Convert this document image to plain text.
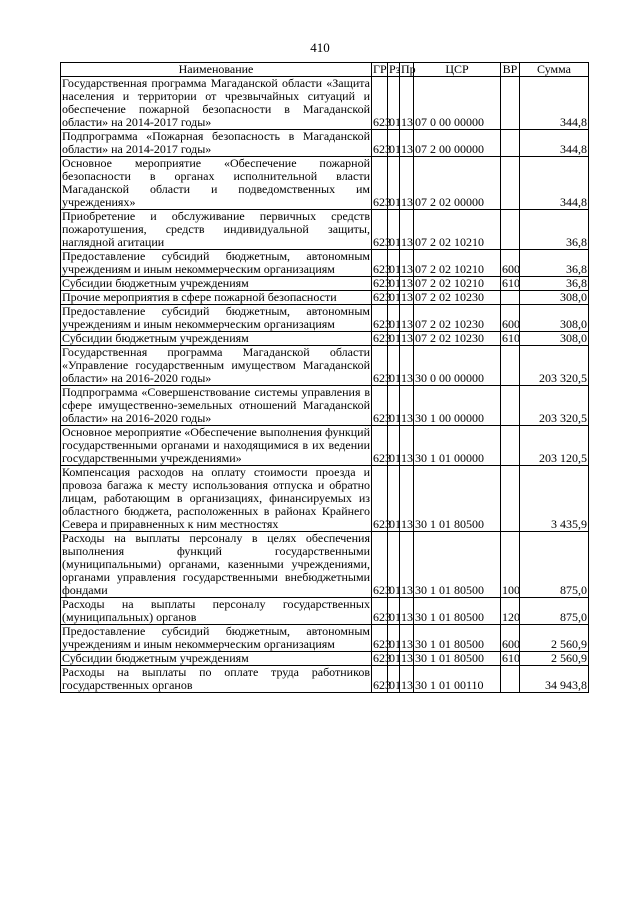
410
Наименование	ГР	Рз	Пр	ЦСР	ВР	Сумма
Государственная программа Магаданской области «Защита населения и территории от чрезвычайных ситуаций и обеспечение пожарной безопасности в Магаданской области» на 2014-2017 годы»	623	01	13	07 0 00 00000		344,8
Подпрограмма «Пожарная безопасность в Магаданской области» на 2014-2017 годы»	623	01	13	07 2 00 00000		344,8
Основное мероприятие «Обеспечение пожарной безопасности в органах исполнительной власти Магаданской области и подведомственных им учреждениях»	623	01	13	07 2 02 00000		344,8
Приобретение и обслуживание первичных средств пожаротушения, средств индивидуальной защиты, наглядной агитации	623	01	13	07 2 02 10210		36,8
Предоставление субсидий бюджетным, автономным учреждениям и иным некоммерческим организациям	623	01	13	07 2 02 10210	600	36,8
Субсидии бюджетным учреждениям	623	01	13	07 2 02 10210	610	36,8
Прочие мероприятия в сфере пожарной безопасности	623	01	13	07 2 02 10230		308,0
Предоставление субсидий бюджетным, автономным учреждениям и иным некоммерческим организациям	623	01	13	07 2 02 10230	600	308,0
Субсидии бюджетным учреждениям	623	01	13	07 2 02 10230	610	308,0
Государственная программа Магаданской области «Управление государственным имуществом Магаданской области» на 2016-2020 годы»	623	01	13	30 0 00 00000		203 320,5
Подпрограмма «Совершенствование системы управления в сфере имущественно-земельных отношений Магаданской области» на 2016-2020 годы»	623	01	13	30 1 00 00000		203 320,5
Основное мероприятие «Обеспечение выполнения функций государственными органами и находящимися в их ведении государственными учреждениями»	623	01	13	30 1 01 00000		203 120,5
Компенсация расходов на оплату стоимости проезда и провоза багажа к месту использования отпуска и обратно лицам, работающим в организациях, финансируемых из областного бюджета, расположенных в районах Крайнего Севера и приравненных к ним местностях	623	01	13	30 1 01 80500		3 435,9
Расходы на выплаты персоналу в целях обеспечения выполнения функций государственными (муниципальными) органами, казенными учреждениями, органами управления государственными внебюджетными фондами	623	01	13	30 1 01 80500	100	875,0
Расходы на выплаты персоналу государственных (муниципальных) органов	623	01	13	30 1 01 80500	120	875,0
Предоставление субсидий бюджетным, автономным учреждениям и иным некоммерческим организациям	623	01	13	30 1 01 80500	600	2 560,9
Субсидии бюджетным учреждениям	623	01	13	30 1 01 80500	610	2 560,9
Расходы на выплаты по оплате труда работников государственных органов	623	01	13	30 1 01 00110		34 943,8
